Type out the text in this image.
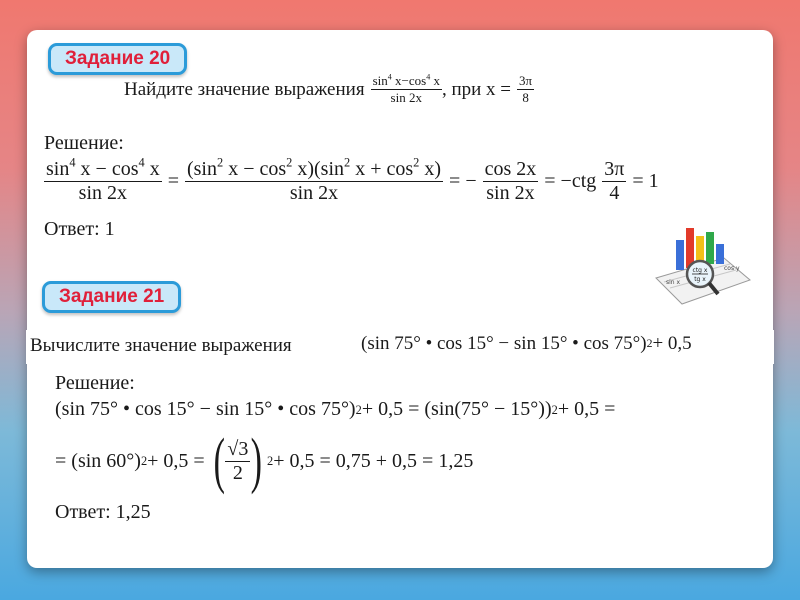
Задание 20
Найдите значение выражения $\frac{\sin^4 x-\cos^4 x}{\sin 2x}$ , при $x = \frac{3\pi}{8}$
Решение:
$\frac{\sin^4 x - \cos^4 x}{\sin 2x} = \frac{(\sin^2 x - \cos^2 x)(\sin^2 x + \cos^2 x)}{\sin 2x}$ = − $\frac{\cos 2x}{\sin 2x} = -ctg \frac{3\pi}{4} = 1$
Ответ: 1
ctg x
tg x
sin x
cos y
Задание 21
Вычислите значение выражения	(sin 75° • cos 15° − sin 15° • cos 75°) 2 + 0,5
Решение:
(sin 75° • cos 15° − sin 15° • cos 75°) 2 + 0,5 = (sin(75° − 15°)) 2 + 0,5 =
= (sin 60°) 2 + 0,5 = ( $\frac{√3}{2}$ ) 2 + 0,5 = 0,75 + 0,5 = 1,25
Ответ: 1,25
